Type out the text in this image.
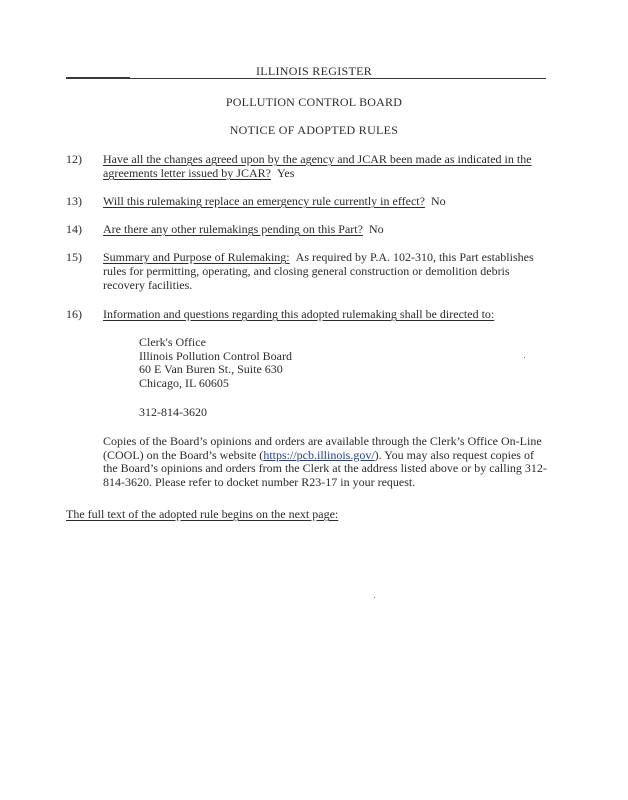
ILLINOIS REGISTER
POLLUTION CONTROL BOARD
NOTICE OF ADOPTED RULES
12)	Have all the changes agreed upon by the agency and JCAR been made as indicated in the agreements letter issued by JCAR? Yes
13)	Will this rulemaking replace an emergency rule currently in effect? No
14)	Are there any other rulemakings pending on this Part? No
15)	Summary and Purpose of Rulemaking: As required by P.A. 102-310, this Part establishes rules for permitting, operating, and closing general construction or demolition debris recovery facilities.
16)	Information and questions regarding this adopted rulemaking shall be directed to:
Clerk's Office
Illinois Pollution Control Board
60 E Van Buren St., Suite 630
Chicago, IL 60605
312-814-3620
Copies of the Board’s opinions and orders are available through the Clerk’s Office On-Line (COOL) on the Board’s website (https://pcb.illinois.gov/). You may also request copies of the Board’s opinions and orders from the Clerk at the address listed above or by calling 312-814-3620. Please refer to docket number R23-17 in your request.
The full text of the adopted rule begins on the next page:
